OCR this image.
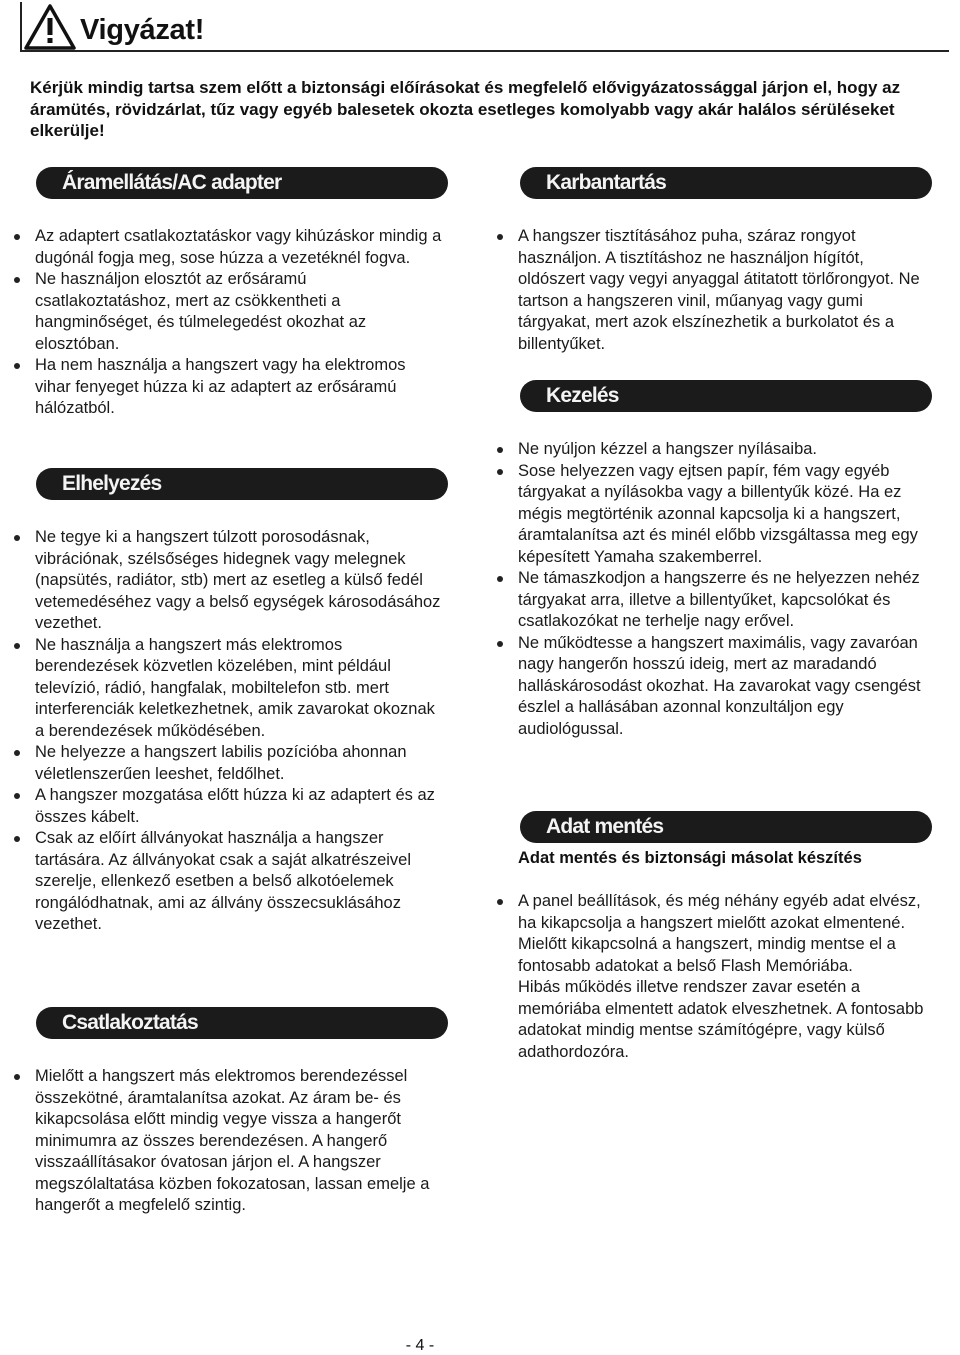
Vigyázat!
Kérjük mindig tartsa szem előtt a biztonsági előírásokat és megfelelő elővigyázatossággal járjon el, hogy az áramütés, rövidzárlat, tűz vagy egyéb balesetek okozta esetleges komolyabb vagy akár halálos sérüléseket elkerülje!
Áramellátás/AC adapter
Az adaptert csatlakoztatáskor vagy kihúzáskor mindig a dugónál fogja meg, sose húzza a vezetéknél fogva.
Ne használjon elosztót az erősáramú csatlakoztatáshoz, mert az csökkentheti a hangminőséget, és túlmelegedést okozhat az elosztóban.
Ha nem használja a hangszert vagy ha elektromos vihar fenyeget húzza ki az adaptert az erősáramú hálózatból.
Elhelyezés
Ne tegye ki a hangszert túlzott porosodásnak, vibrációnak, szélsőséges hidegnek vagy melegnek (napsütés, radiátor, stb) mert az esetleg a külső fedél vetemedéséhez vagy a belső egységek károsodásához vezethet.
Ne használja a hangszert más elektromos berendezések közvetlen közelében, mint például televízió, rádió, hangfalak, mobiltelefon stb. mert interferenciák keletkezhetnek, amik zavarokat okoznak a berendezések működésében.
Ne helyezze a hangszert labilis pozícióba ahonnan véletlenszerűen leeshet, feldőlhet.
A hangszer mozgatása előtt húzza ki az adaptert és az összes kábelt.
Csak az előírt állványokat használja a hangszer tartására. Az állványokat csak a saját alkatrészeivel szerelje, ellenkező esetben a belső alkotóelemek rongálódhatnak, ami az állvány összecsuklásához vezethet.
Csatlakoztatás
Mielőtt a hangszert más elektromos berendezéssel összekötné, áramtalanítsa azokat. Az áram be- és kikapcsolása előtt mindig vegye vissza a hangerőt minimumra az összes berendezésen. A hangerő visszaállításakor óvatosan járjon el. A hangszer megszólaltatása közben fokozatosan, lassan emelje a hangerőt a megfelelő szintig.
Karbantartás
A hangszer tisztításához puha, száraz rongyot használjon. A tisztításhoz ne használjon hígítót, oldószert vagy vegyi anyaggal átitatott törlőrongyot. Ne tartson a hangszeren vinil, műanyag vagy gumi tárgyakat, mert azok elszínezhetik a burkolatot és a billentyűket.
Kezelés
Ne nyúljon kézzel a hangszer nyílásaiba.
Sose helyezzen vagy ejtsen papír, fém vagy egyéb tárgyakat a nyílásokba vagy a billentyűk közé. Ha ez mégis megtörténik azonnal kapcsolja ki a hangszert, áramtalanítsa azt és minél előbb vizsgáltassa meg egy képesített Yamaha szakemberrel.
Ne támaszkodjon a hangszerre és ne helyezzen nehéz tárgyakat arra, illetve a billentyűket, kapcsolókat és csatlakozókat ne terhelje nagy erővel.
Ne működtesse a hangszert maximális, vagy zavaróan nagy hangerőn hosszú ideig, mert az maradandó halláskárosodást okozhat. Ha zavarokat vagy csengést észlel a hallásában azonnal konzultáljon egy audiológussal.
Adat mentés
Adat mentés és biztonsági másolat készítés
A panel beállítások, és még néhány egyéb adat elvész, ha kikapcsolja a hangszert mielőtt azokat elmentené. Mielőtt kikapcsolná a hangszert, mindig mentse el a fontosabb adatokat a belső Flash Memóriába.
Hibás működés illetve rendszer zavar esetén a memóriába elmentett adatok elveszhetnek. A fontosabb adatokat mindig mentse számítógépre, vagy külső adathordozóra.
- 4 -
